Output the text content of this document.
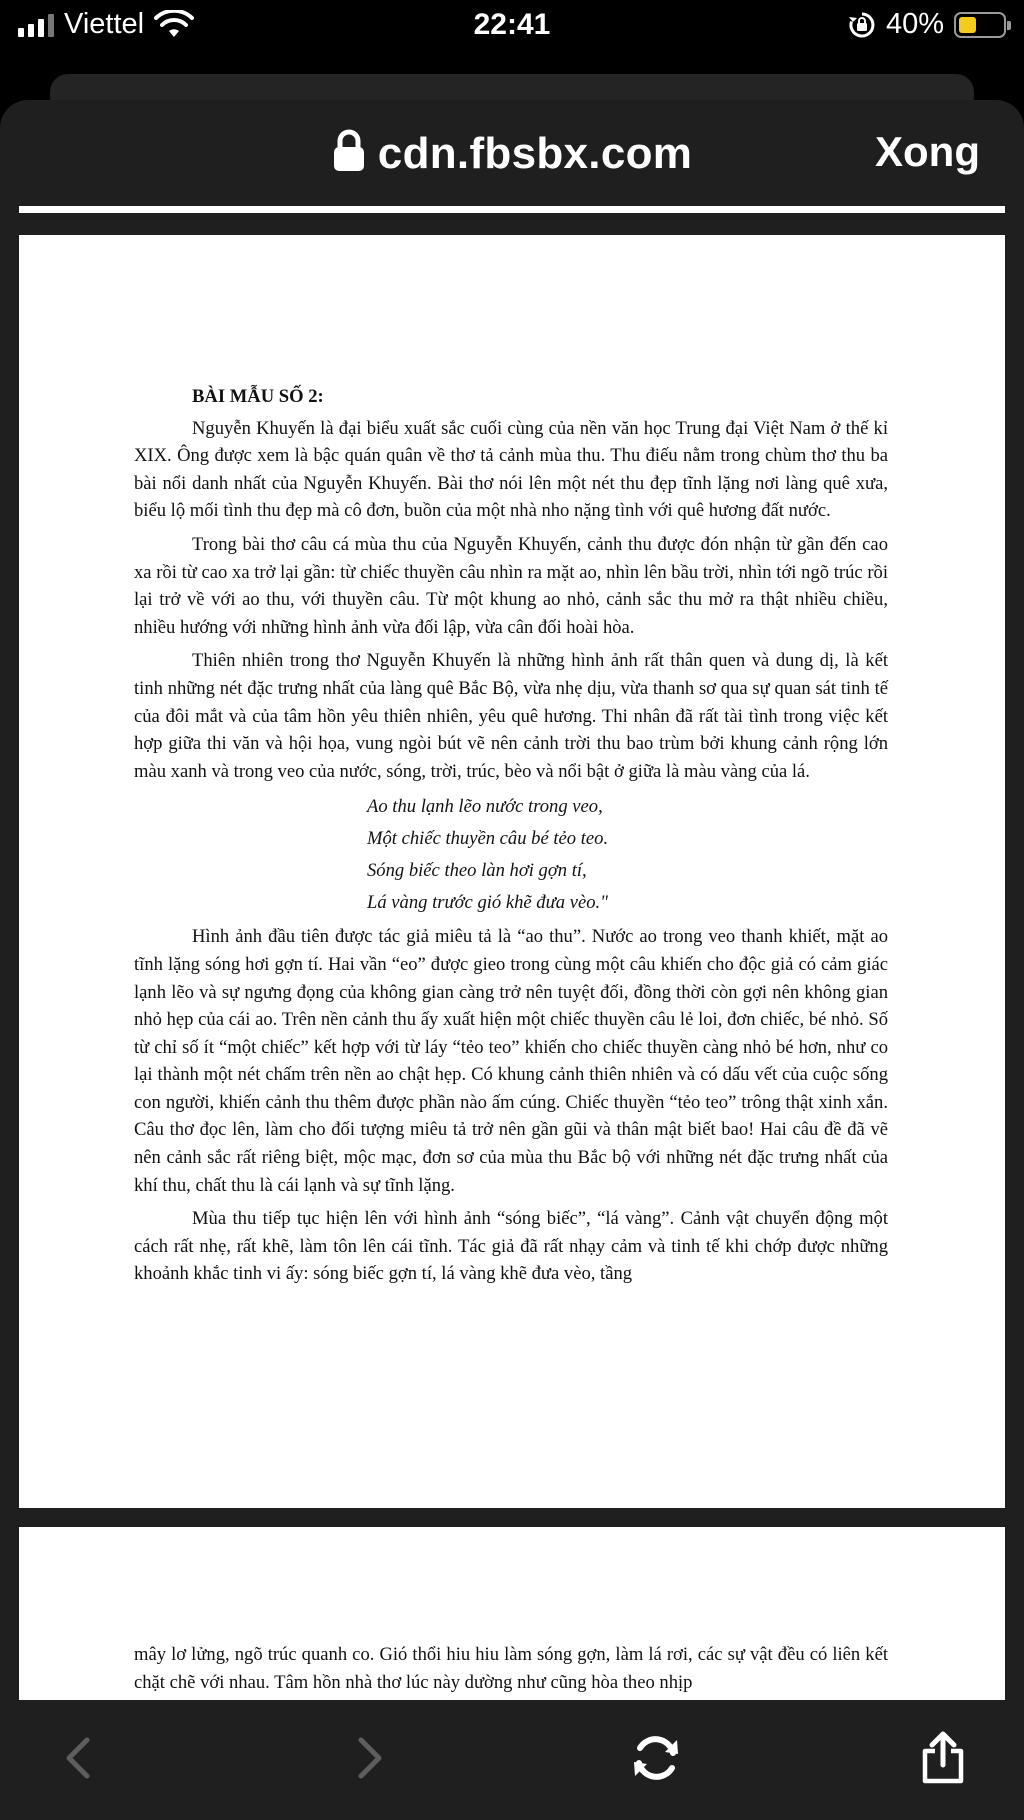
Viettel	22:41	40%
cdn.fbsbx.com	Xong

BÀI MẪU SỐ 2:

Nguyễn Khuyến là đại biểu xuất sắc cuối cùng của nền văn học Trung đại Việt Nam ở thế kỉ XIX. Ông được xem là bậc quán quân về thơ tả cảnh mùa thu. Thu điếu nằm trong chùm thơ thu ba bài nổi danh nhất của Nguyễn Khuyến. Bài thơ nói lên một nét thu đẹp tĩnh lặng nơi làng quê xưa, biểu lộ mối tình thu đẹp mà cô đơn, buồn của một nhà nho nặng tình với quê hương đất nước.

Trong bài thơ câu cá mùa thu của Nguyễn Khuyến, cảnh thu được đón nhận từ gần đến cao xa rồi từ cao xa trở lại gần: từ chiếc thuyền câu nhìn ra mặt ao, nhìn lên bầu trời, nhìn tới ngõ trúc rồi lại trở về với ao thu, với thuyền câu. Từ một khung ao nhỏ, cảnh sắc thu mở ra thật nhiều chiều, nhiều hướng với những hình ảnh vừa đối lập, vừa cân đối hoài hòa.

Thiên nhiên trong thơ Nguyễn Khuyến là những hình ảnh rất thân quen và dung dị, là kết tinh những nét đặc trưng nhất của làng quê Bắc Bộ, vừa nhẹ dịu, vừa thanh sơ qua sự quan sát tinh tế của đôi mắt và của tâm hồn yêu thiên nhiên, yêu quê hương. Thi nhân đã rất tài tình trong việc kết hợp giữa thi văn và hội họa, vung ngòi bút vẽ nên cảnh trời thu bao trùm bởi khung cảnh rộng lớn màu xanh và trong veo của nước, sóng, trời, trúc, bèo và nổi bật ở giữa là màu vàng của lá.

Ao thu lạnh lẽo nước trong veo,
Một chiếc thuyền câu bé tẻo teo.
Sóng biếc theo làn hơi gợn tí,
Lá vàng trước gió khẽ đưa vèo."

Hình ảnh đầu tiên được tác giả miêu tả là “ao thu”. Nước ao trong veo thanh khiết, mặt ao tĩnh lặng sóng hơi gợn tí. Hai vần “eo” được gieo trong cùng một câu khiến cho độc giả có cảm giác lạnh lẽo và sự ngưng đọng của không gian càng trở nên tuyệt đối, đồng thời còn gợi nên không gian nhỏ hẹp của cái ao. Trên nền cảnh thu ấy xuất hiện một chiếc thuyền câu lẻ loi, đơn chiếc, bé nhỏ. Số từ chỉ số ít “một chiếc” kết hợp với từ láy “tẻo teo” khiến cho chiếc thuyền càng nhỏ bé hơn, như co lại thành một nét chấm trên nền ao chật hẹp. Có khung cảnh thiên nhiên và có dấu vết của cuộc sống con người, khiến cảnh thu thêm được phần nào ấm cúng. Chiếc thuyền “tẻo teo” trông thật xinh xắn. Câu thơ đọc lên, làm cho đối tượng miêu tả trở nên gần gũi và thân mật biết bao! Hai câu đề đã vẽ nên cảnh sắc rất riêng biệt, mộc mạc, đơn sơ của mùa thu Bắc bộ với những nét đặc trưng nhất của khí thu, chất thu là cái lạnh và sự tĩnh lặng.

Mùa thu tiếp tục hiện lên với hình ảnh “sóng biếc”, “lá vàng”. Cảnh vật chuyển động một cách rất nhẹ, rất khẽ, làm tôn lên cái tĩnh. Tác giả đã rất nhạy cảm và tinh tế khi chớp được những khoảnh khắc tinh vi ấy: sóng biếc gợn tí, lá vàng khẽ đưa vèo, tầng

mây lơ lửng, ngõ trúc quanh co. Gió thổi hiu hiu làm sóng gợn, làm lá rơi, các sự vật đều có liên kết chặt chẽ với nhau. Tâm hồn nhà thơ lúc này dường như cũng hòa theo nhịp
